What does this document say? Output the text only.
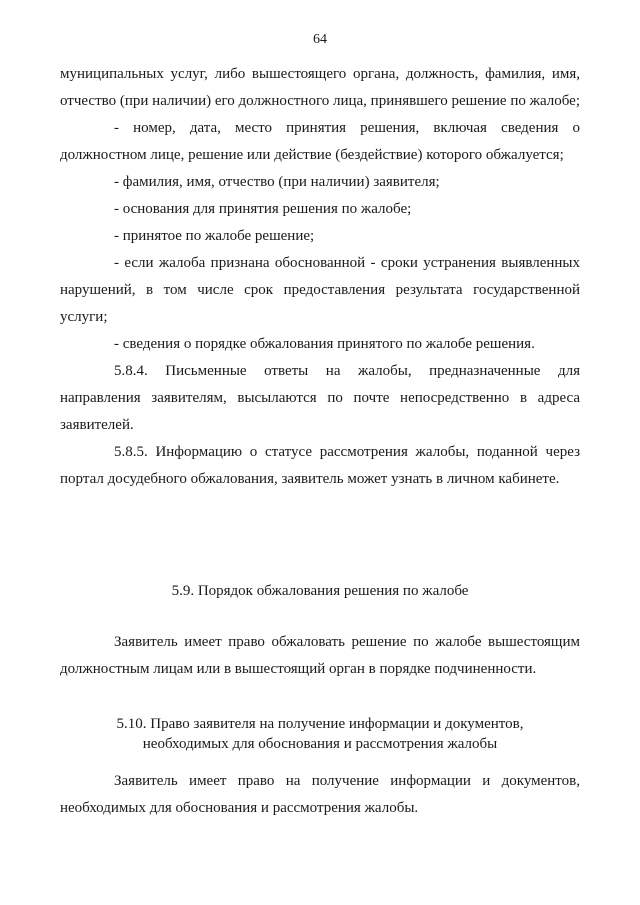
64

муниципальных услуг, либо вышестоящего органа, должность, фамилия, имя, отчество (при наличии) его должностного лица, принявшего решение по жалобе;

- номер, дата, место принятия решения, включая сведения о должностном лице, решение или действие (бездействие) которого обжалуется;

- фамилия, имя, отчество (при наличии) заявителя;

- основания для принятия решения по жалобе;

- принятое по жалобе решение;

- если жалоба признана обоснованной - сроки устранения выявленных нарушений, в том числе срок предоставления результата государственной услуги;

- сведения о порядке обжалования принятого по жалобе решения.

5.8.4. Письменные ответы на жалобы, предназначенные для направления заявителям, высылаются по почте непосредственно в адреса заявителей.

5.8.5. Информацию о статусе рассмотрения жалобы, поданной через портал досудебного обжалования, заявитель может узнать в личном кабинете.

5.9. Порядок обжалования решения по жалобе

Заявитель имеет право обжаловать решение по жалобе вышестоящим должностным лицам или в вышестоящий орган в порядке подчиненности.

5.10. Право заявителя на получение информации и документов,
необходимых для обоснования и рассмотрения жалобы

Заявитель имеет право на получение информации и документов, необходимых для обоснования и рассмотрения жалобы.
